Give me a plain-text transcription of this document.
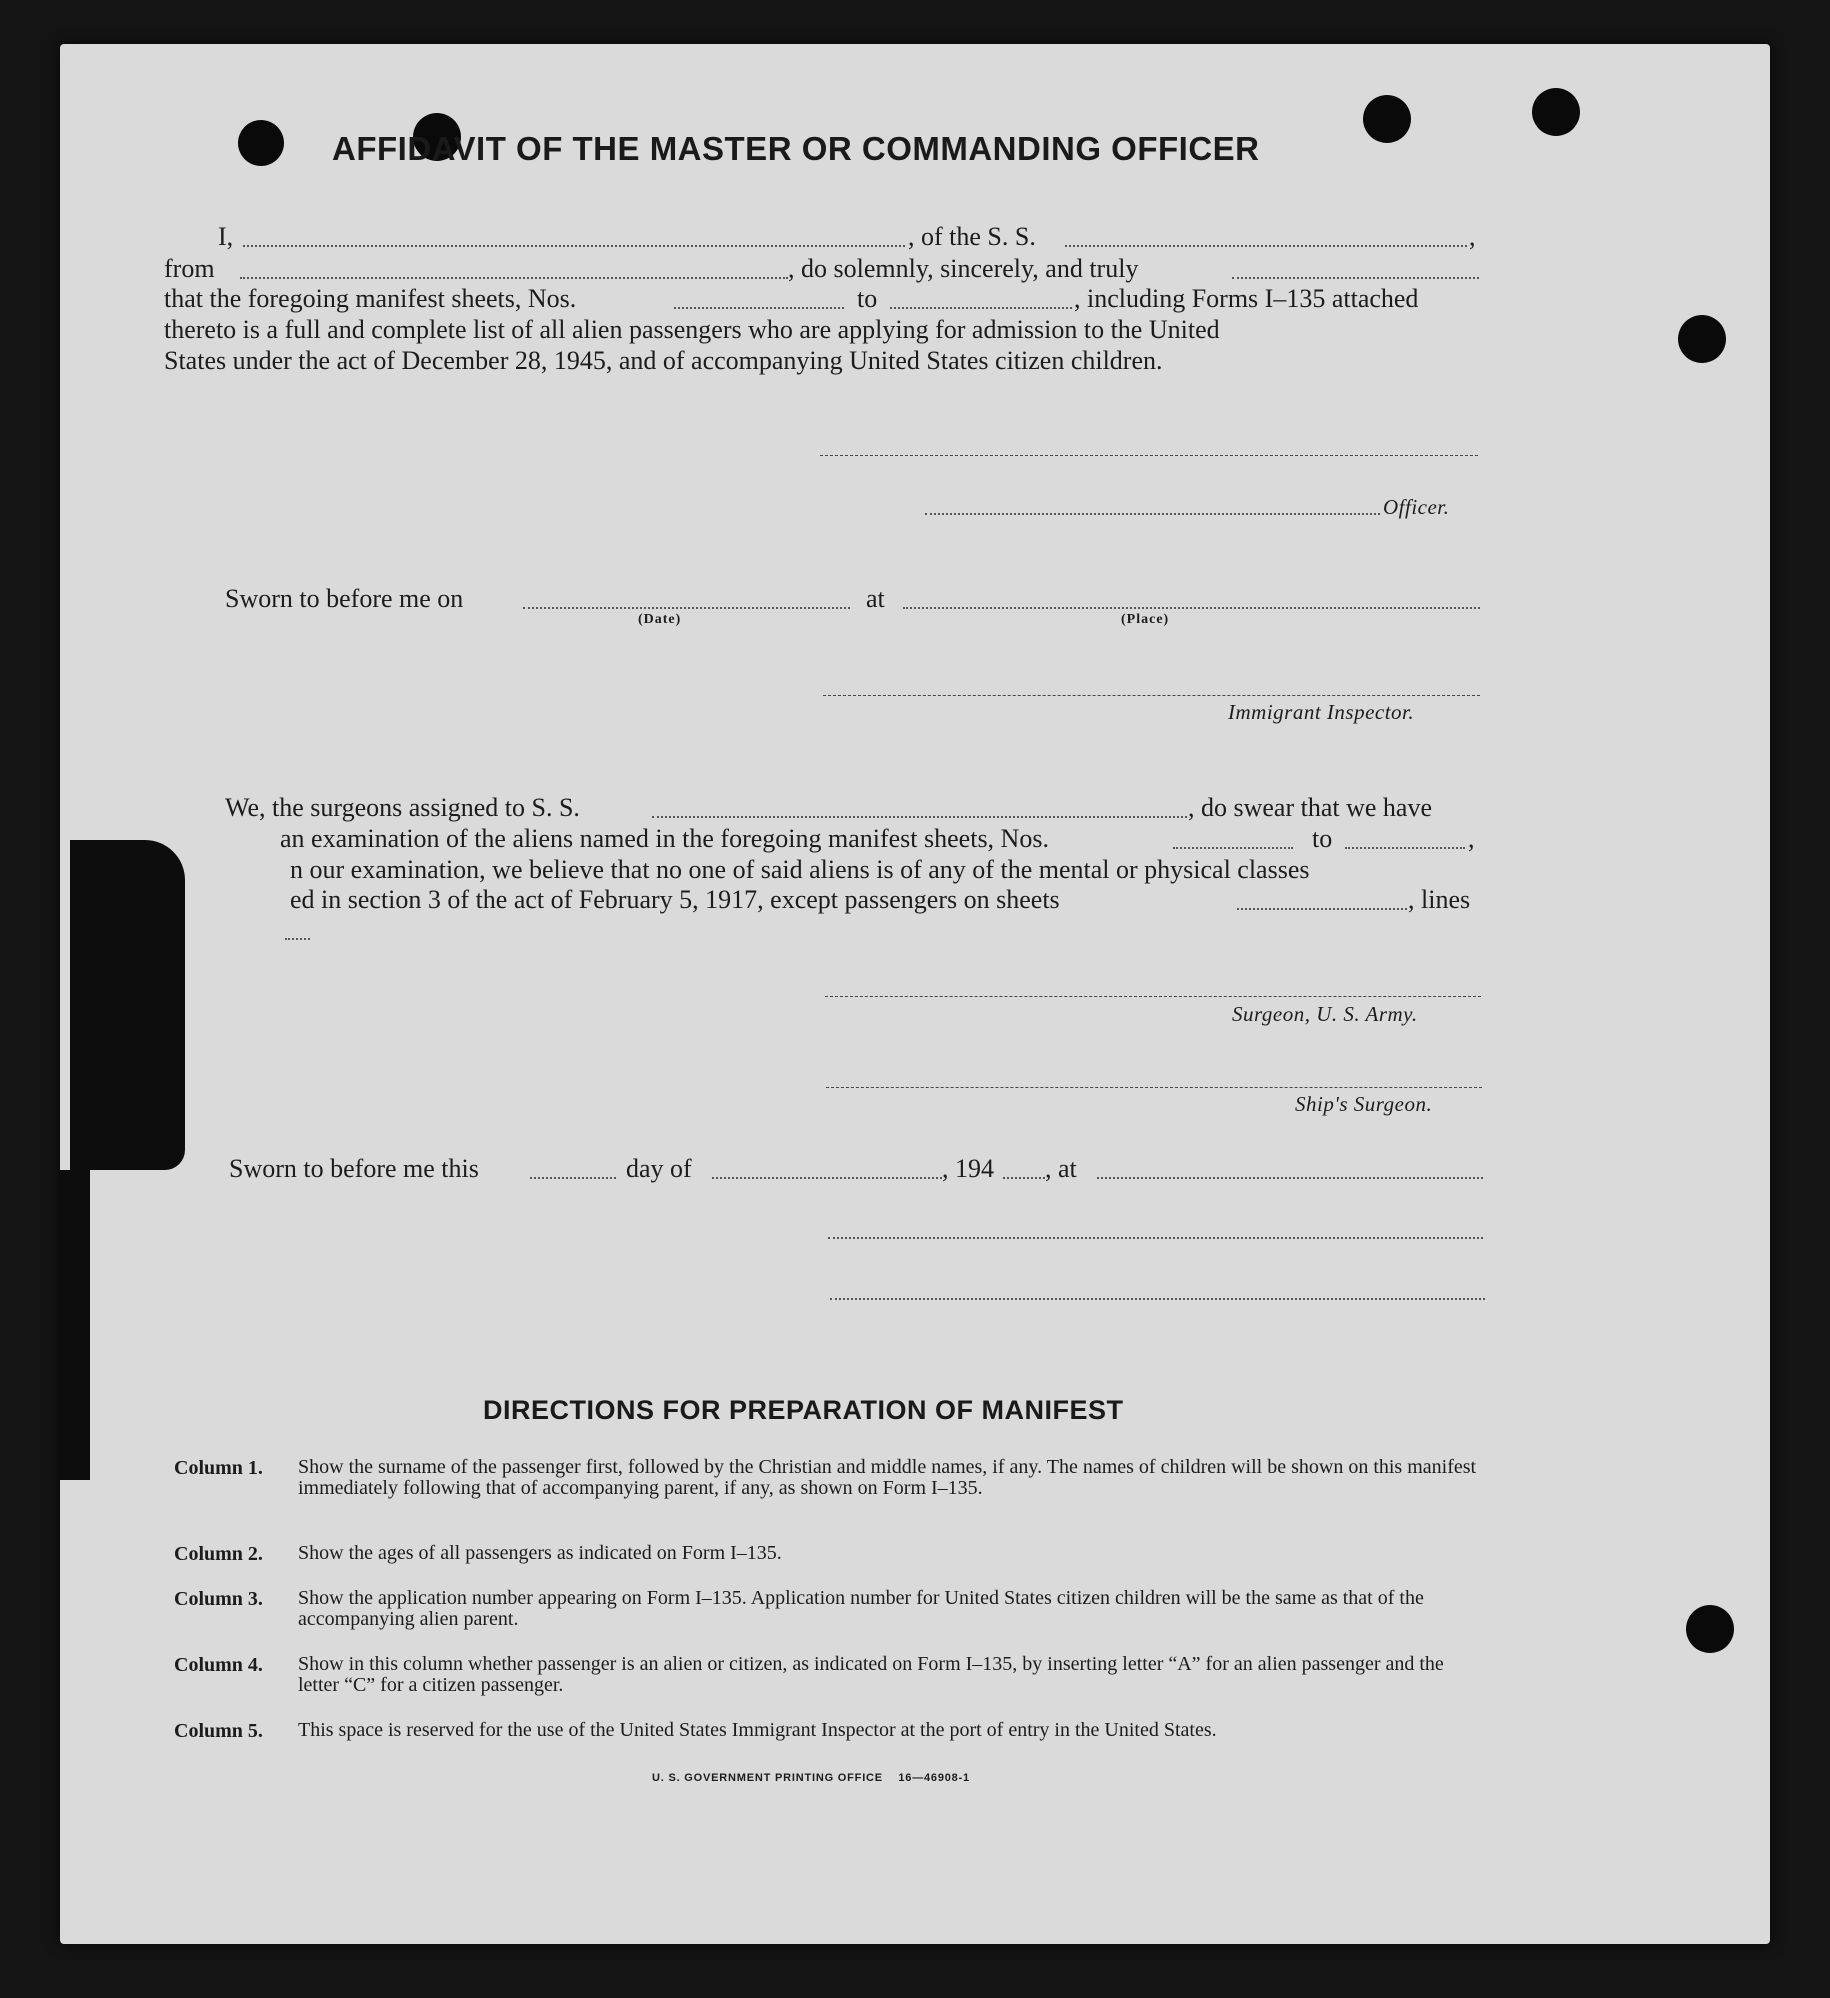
AFFIDAVIT OF THE MASTER OR COMMANDING OFFICER
I,	, of the S. S.	,
from	, do solemnly, sincerely, and truly
that the foregoing manifest sheets, Nos.	to	, including Forms I–135 attached
thereto is a full and complete list of all alien passengers who are applying for admission to the United
States under the act of December 28, 1945, and of accompanying United States citizen children.
Officer.
Sworn to before me on	at
(Date)	(Place)
Immigrant Inspector.
We, the surgeons assigned to S. S.	, do swear that we have
an examination of the aliens named in the foregoing manifest sheets, Nos.	to	,
n our examination, we believe that no one of said aliens is of any of the mental or physical classes
ed in section 3 of the act of February 5, 1917, except passengers on sheets	, lines
Surgeon, U. S. Army.
Ship's Surgeon.
Sworn to before me this	day of	, 194 , at
DIRECTIONS FOR PREPARATION OF MANIFEST
Column 1. Show the surname of the passenger first, followed by the Christian and middle names, if any. The names of children will be shown on this manifest immediately following that of accompanying parent, if any, as shown on Form I–135.
Column 2. Show the ages of all passengers as indicated on Form I–135.
Column 3. Show the application number appearing on Form I–135. Application number for United States citizen children will be the same as that of the accompanying alien parent.
Column 4. Show in this column whether passenger is an alien or citizen, as indicated on Form I–135, by inserting letter “A” for an alien passenger and the letter “C” for a citizen passenger.
Column 5. This space is reserved for the use of the United States Immigrant Inspector at the port of entry in the United States.
U. S. GOVERNMENT PRINTING OFFICE    16—46908-1
